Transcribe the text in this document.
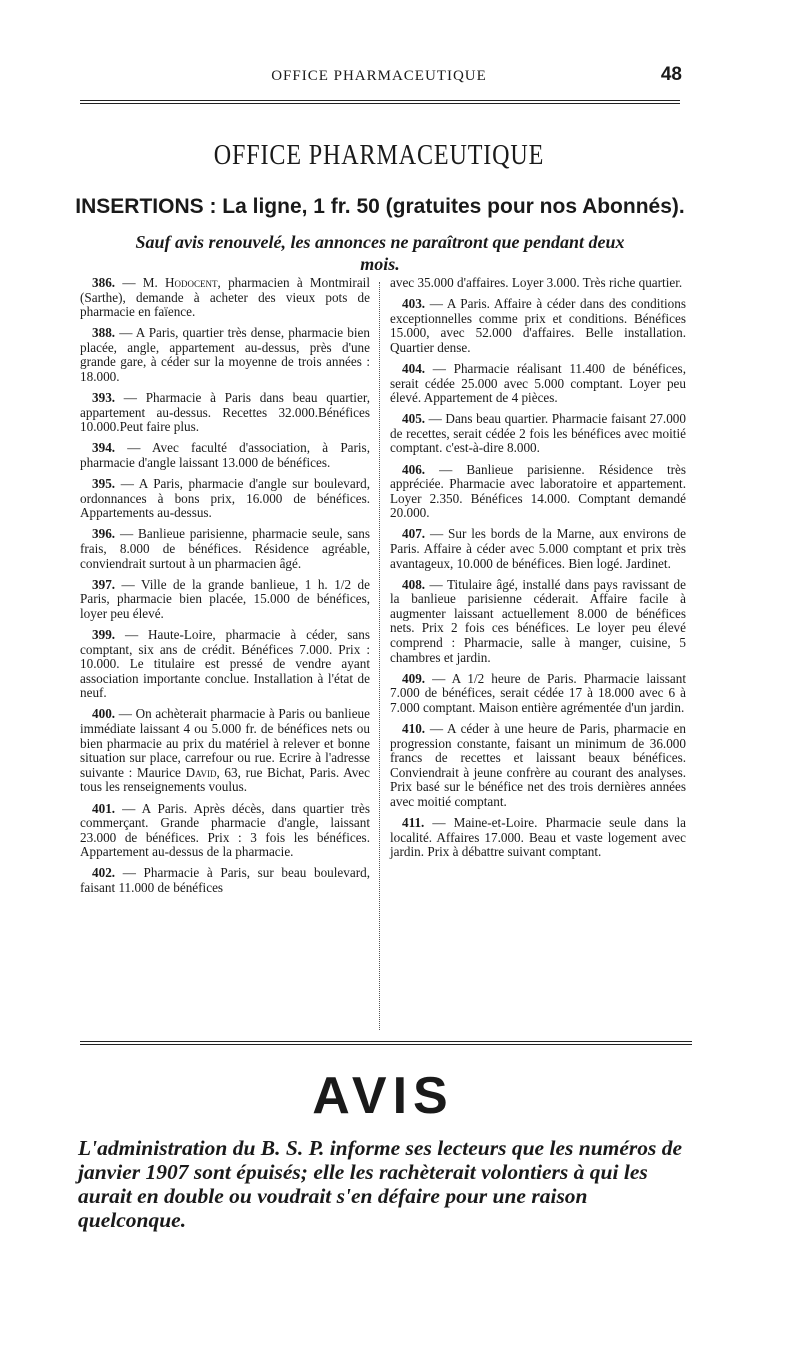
OFFICE PHARMACEUTIQUE	48
OFFICE PHARMACEUTIQUE
INSERTIONS : La ligne, 1 fr. 50 (gratuites pour nos Abonnés).
Sauf avis renouvelé, les annonces ne paraîtront que pendant deux mois.

386. — M. Hodocent, pharmacien à Montmirail (Sarthe), demande à acheter des vieux pots de pharmacie en faïence.

388. — A Paris, quartier très dense, pharmacie bien placée, angle, appartement au-dessus, près d'une grande gare, à céder sur la moyenne de trois années : 18.000.

393. — Pharmacie à Paris dans beau quartier, appartement au-dessus. Recettes 32.000.Bénéfices 10.000.Peut faire plus.

394. — Avec faculté d'association, à Paris, pharmacie d'angle laissant 13.000 de bénéfices.

395. — A Paris, pharmacie d'angle sur boulevard, ordonnances à bons prix, 16.000 de bénéfices. Appartements au-dessus.

396. — Banlieue parisienne, pharmacie seule, sans frais, 8.000 de bénéfices. Résidence agréable, conviendrait surtout à un pharmacien âgé.

397. — Ville de la grande banlieue, 1 h. 1/2 de Paris, pharmacie bien placée, 15.000 de bénéfices, loyer peu élevé.

399. — Haute-Loire, pharmacie à céder, sans comptant, six ans de crédit. Bénéfices 7.000. Prix : 10.000. Le titulaire est pressé de vendre ayant association importante conclue. Installation à l'état de neuf.

400. — On achèterait pharmacie à Paris ou banlieue immédiate laissant 4 ou 5.000 fr. de bénéfices nets ou bien pharmacie au prix du matériel à relever et bonne situation sur place, carrefour ou rue. Ecrire à l'adresse suivante : Maurice David, 63, rue Bichat, Paris. Avec tous les renseignements voulus.

401. — A Paris. Après décès, dans quartier très commerçant. Grande pharmacie d'angle, laissant 23.000 de bénéfices. Prix : 3 fois les bénéfices. Appartement au-dessus de la pharmacie.

402. — Pharmacie à Paris, sur beau boulevard, faisant 11.000 de bénéfices

avec 35.000 d'affaires. Loyer 3.000. Très riche quartier.

403. — A Paris. Affaire à céder dans des conditions exceptionnelles comme prix et conditions. Bénéfices 15.000, avec 52.000 d'affaires. Belle installation. Quartier dense.

404. — Pharmacie réalisant 11.400 de bénéfices, serait cédée 25.000 avec 5.000 comptant. Loyer peu élevé. Appartement de 4 pièces.

405. — Dans beau quartier. Pharmacie faisant 27.000 de recettes, serait cédée 2 fois les bénéfices avec moitié comptant. c'est-à-dire 8.000.

406. — Banlieue parisienne. Résidence très appréciée. Pharmacie avec laboratoire et appartement. Loyer 2.350. Bénéfices 14.000. Comptant demandé 20.000.

407. — Sur les bords de la Marne, aux environs de Paris. Affaire à céder avec 5.000 comptant et prix très avantageux, 10.000 de bénéfices. Bien logé. Jardinet.

408. — Titulaire âgé, installé dans pays ravissant de la banlieue parisienne céderait. Affaire facile à augmenter laissant actuellement 8.000 de bénéfices nets. Prix 2 fois ces bénéfices. Le loyer peu élevé comprend : Pharmacie, salle à manger, cuisine, 5 chambres et jardin.

409. — A 1/2 heure de Paris. Pharmacie laissant 7.000 de bénéfices, serait cédée 17 à 18.000 avec 6 à 7.000 comptant. Maison entière agrémentée d'un jardin.

410. — A céder à une heure de Paris, pharmacie en progression constante, faisant un minimum de 36.000 francs de recettes et laissant beaux bénéfices. Conviendrait à jeune confrère au courant des analyses. Prix basé sur le bénéfice net des trois dernières années avec moitié comptant.

411. — Maine-et-Loire. Pharmacie seule dans la localité. Affaires 17.000. Beau et vaste logement avec jardin. Prix à débattre suivant comptant.

AVIS
L'administration du B. S. P. informe ses lecteurs que les numéros de janvier 1907 sont épuisés; elle les rachèterait volontiers à qui les aurait en double ou voudrait s'en défaire pour une raison quelconque.
